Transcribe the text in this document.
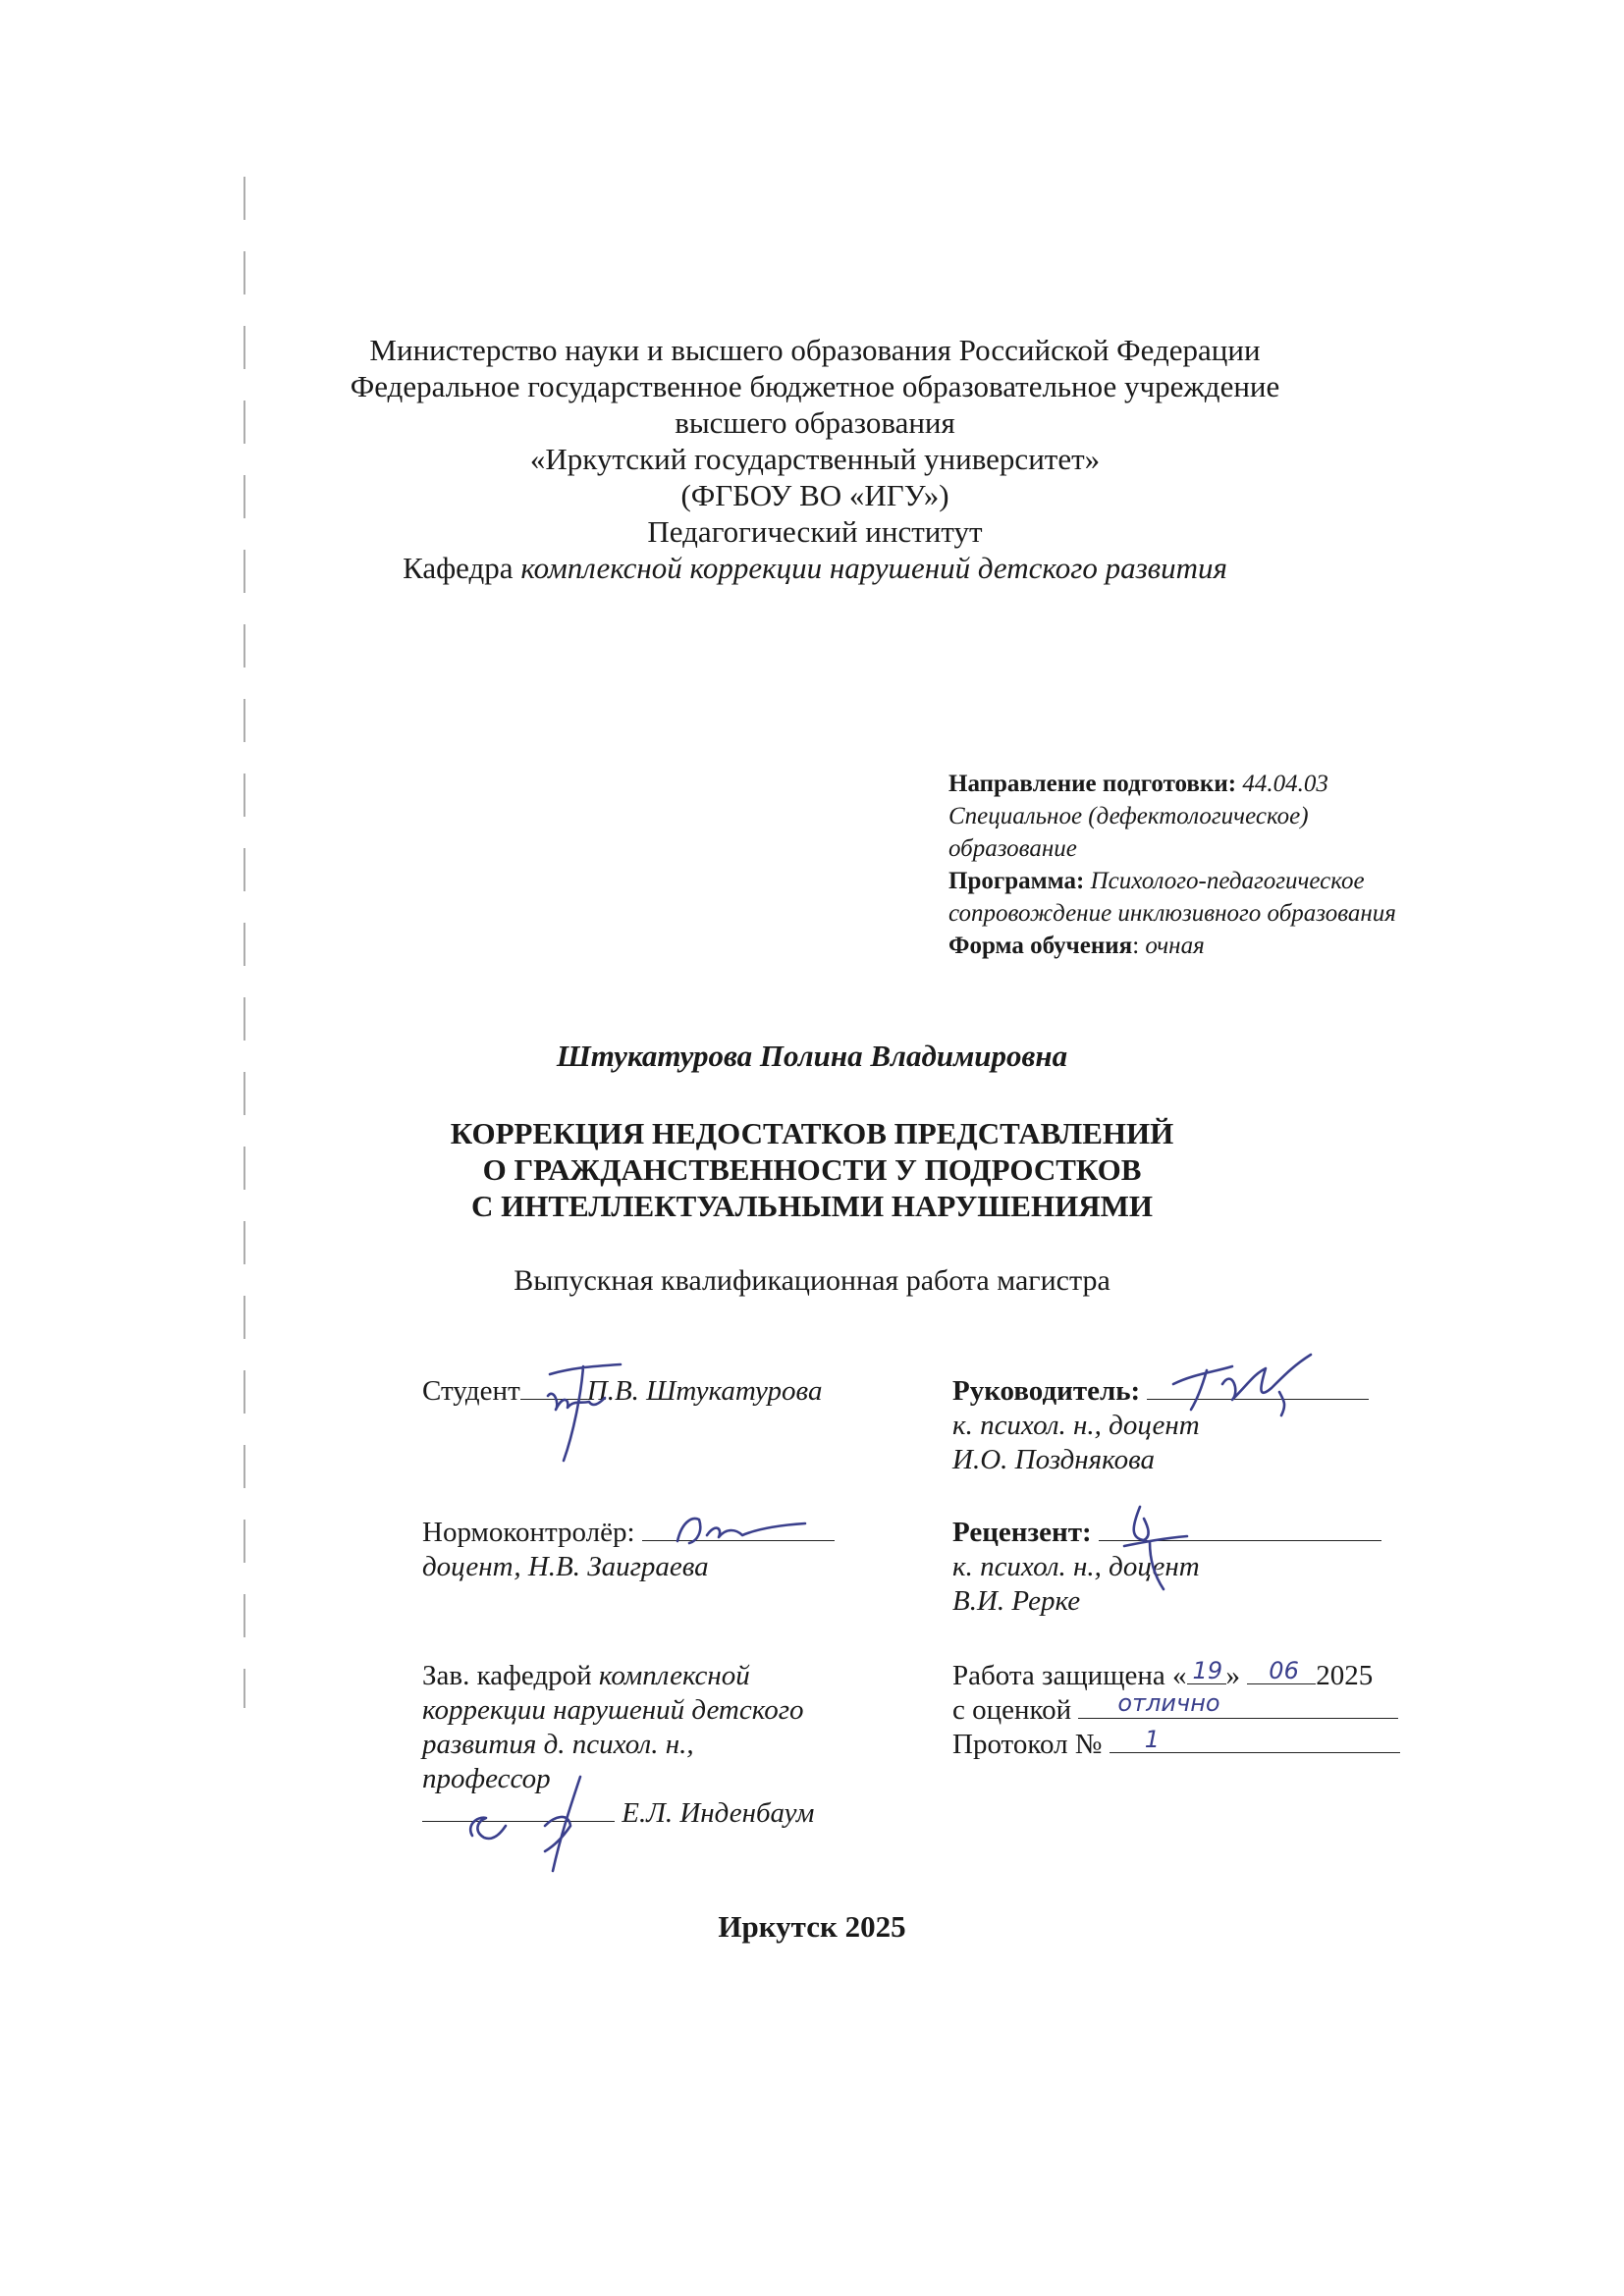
Министерство науки и высшего образования Российской Федерации
Федеральное государственное бюджетное образовательное учреждение
высшего образования
«Иркутский государственный университет»
(ФГБОУ ВО «ИГУ»)
Педагогический институт
Кафедра комплексной коррекции нарушений детского развития
Направление подготовки: 44.04.03
Специальное (дефектологическое)
образование
Программа: Психолого-педагогическое
сопровождение инклюзивного образования
Форма обучения: очная
Штукатурова Полина Владимировна
КОРРЕКЦИЯ НЕДОСТАТКОВ ПРЕДСТАВЛЕНИЙ
О ГРАЖДАНСТВЕННОСТИ У ПОДРОСТКОВ
С ИНТЕЛЛЕКТУАЛЬНЫМИ НАРУШЕНИЯМИ
Выпускная квалификационная работа магистра
Студент П.В. Штукатурова
Нормоконтролёр:
доцент, Н.В. Заиграева
Зав. кафедрой комплексной
коррекции нарушений детского
развития д. психол. н.,
профессор
Е.Л. Инденбаум
Руководитель:
к. психол. н., доцент
И.О. Позднякова
Рецензент:
к. психол. н., доцент
В.И. Рерке
Работа защищена « 19 » 06 2025
с оценкой отлично
Протокол № 1
Иркутск 2025
